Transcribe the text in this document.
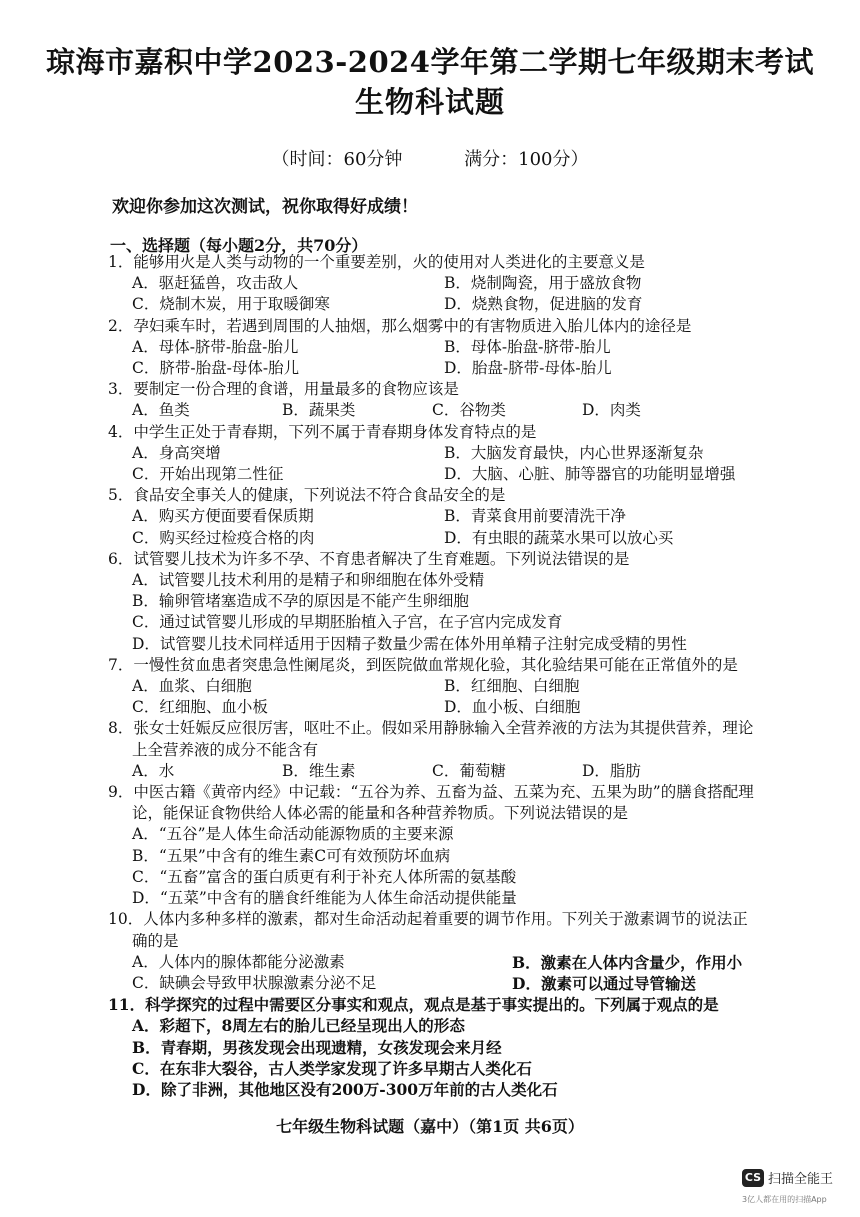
琼海市嘉积中学2023-2024学年第二学期七年级期末考试
生物科试题
（时间：60分钟	满分：100分）
欢迎你参加这次测试，祝你取得好成绩！
一、选择题（每小题2分，共70分）
1．能够用火是人类与动物的一个重要差别，火的使用对人类进化的主要意义是
A．驱赶猛兽，攻击敌人	B．烧制陶瓷，用于盛放食物
C．烧制木炭，用于取暖御寒	D．烧熟食物，促进脑的发育
2．孕妇乘车时，若遇到周围的人抽烟，那么烟雾中的有害物质进入胎儿体内的途径是
A．母体-脐带-胎盘-胎儿	B．母体-胎盘-脐带-胎儿
C．脐带-胎盘-母体-胎儿	D．胎盘-脐带-母体-胎儿
3．要制定一份合理的食谱，用量最多的食物应该是
A．鱼类	B．蔬果类	C．谷物类	D．肉类
4．中学生正处于青春期，下列不属于青春期身体发育特点的是
A．身高突增	B．大脑发育最快，内心世界逐渐复杂
C．开始出现第二性征	D．大脑、心脏、肺等器官的功能明显增强
5．食品安全事关人的健康，下列说法不符合食品安全的是
A．购买方便面要看保质期	B．青菜食用前要清洗干净
C．购买经过检疫合格的肉	D．有虫眼的蔬菜水果可以放心买
6．试管婴儿技术为许多不孕、不育患者解决了生育难题。下列说法错误的是
A．试管婴儿技术利用的是精子和卵细胞在体外受精
B．输卵管堵塞造成不孕的原因是不能产生卵细胞
C．通过试管婴儿形成的早期胚胎植入子宫，在子宫内完成发育
D．试管婴儿技术同样适用于因精子数量少需在体外用单精子注射完成受精的男性
7．一慢性贫血患者突患急性阑尾炎，到医院做血常规化验，其化验结果可能在正常值外的是
A．血浆、白细胞	B．红细胞、白细胞
C．红细胞、血小板	D．血小板、白细胞
8．张女士妊娠反应很厉害，呕吐不止。假如采用静脉输入全营养液的方法为其提供营养，理论
上全营养液的成分不能含有
A．水	B．维生素	C．葡萄糖	D．脂肪
9．中医古籍《黄帝内经》中记载：“五谷为养、五畜为益、五菜为充、五果为助”的膳食搭配理
论，能保证食物供给人体必需的能量和各种营养物质。下列说法错误的是
A．“五谷”是人体生命活动能源物质的主要来源
B．“五果”中含有的维生素C可有效预防坏血病
C．“五畜”富含的蛋白质更有利于补充人体所需的氨基酸
D．“五菜”中含有的膳食纤维能为人体生命活动提供能量
10．人体内多种多样的激素，都对生命活动起着重要的调节作用。下列关于激素调节的说法正
确的是
A．人体内的腺体都能分泌激素	B．激素在人体内含量少，作用小
C．缺碘会导致甲状腺激素分泌不足	D．激素可以通过导管输送
11．科学探究的过程中需要区分事实和观点，观点是基于事实提出的。下列属于观点的是
A．彩超下，8周左右的胎儿已经呈现出人的形态
B．青春期，男孩发现会出现遗精，女孩发现会来月经
C．在东非大裂谷，古人类学家发现了许多早期古人类化石
D．除了非洲，其他地区没有200万-300万年前的古人类化石
七年级生物科试题（嘉中）（第1页 共6页）
CS 扫描全能王
3亿人都在用的扫描App
